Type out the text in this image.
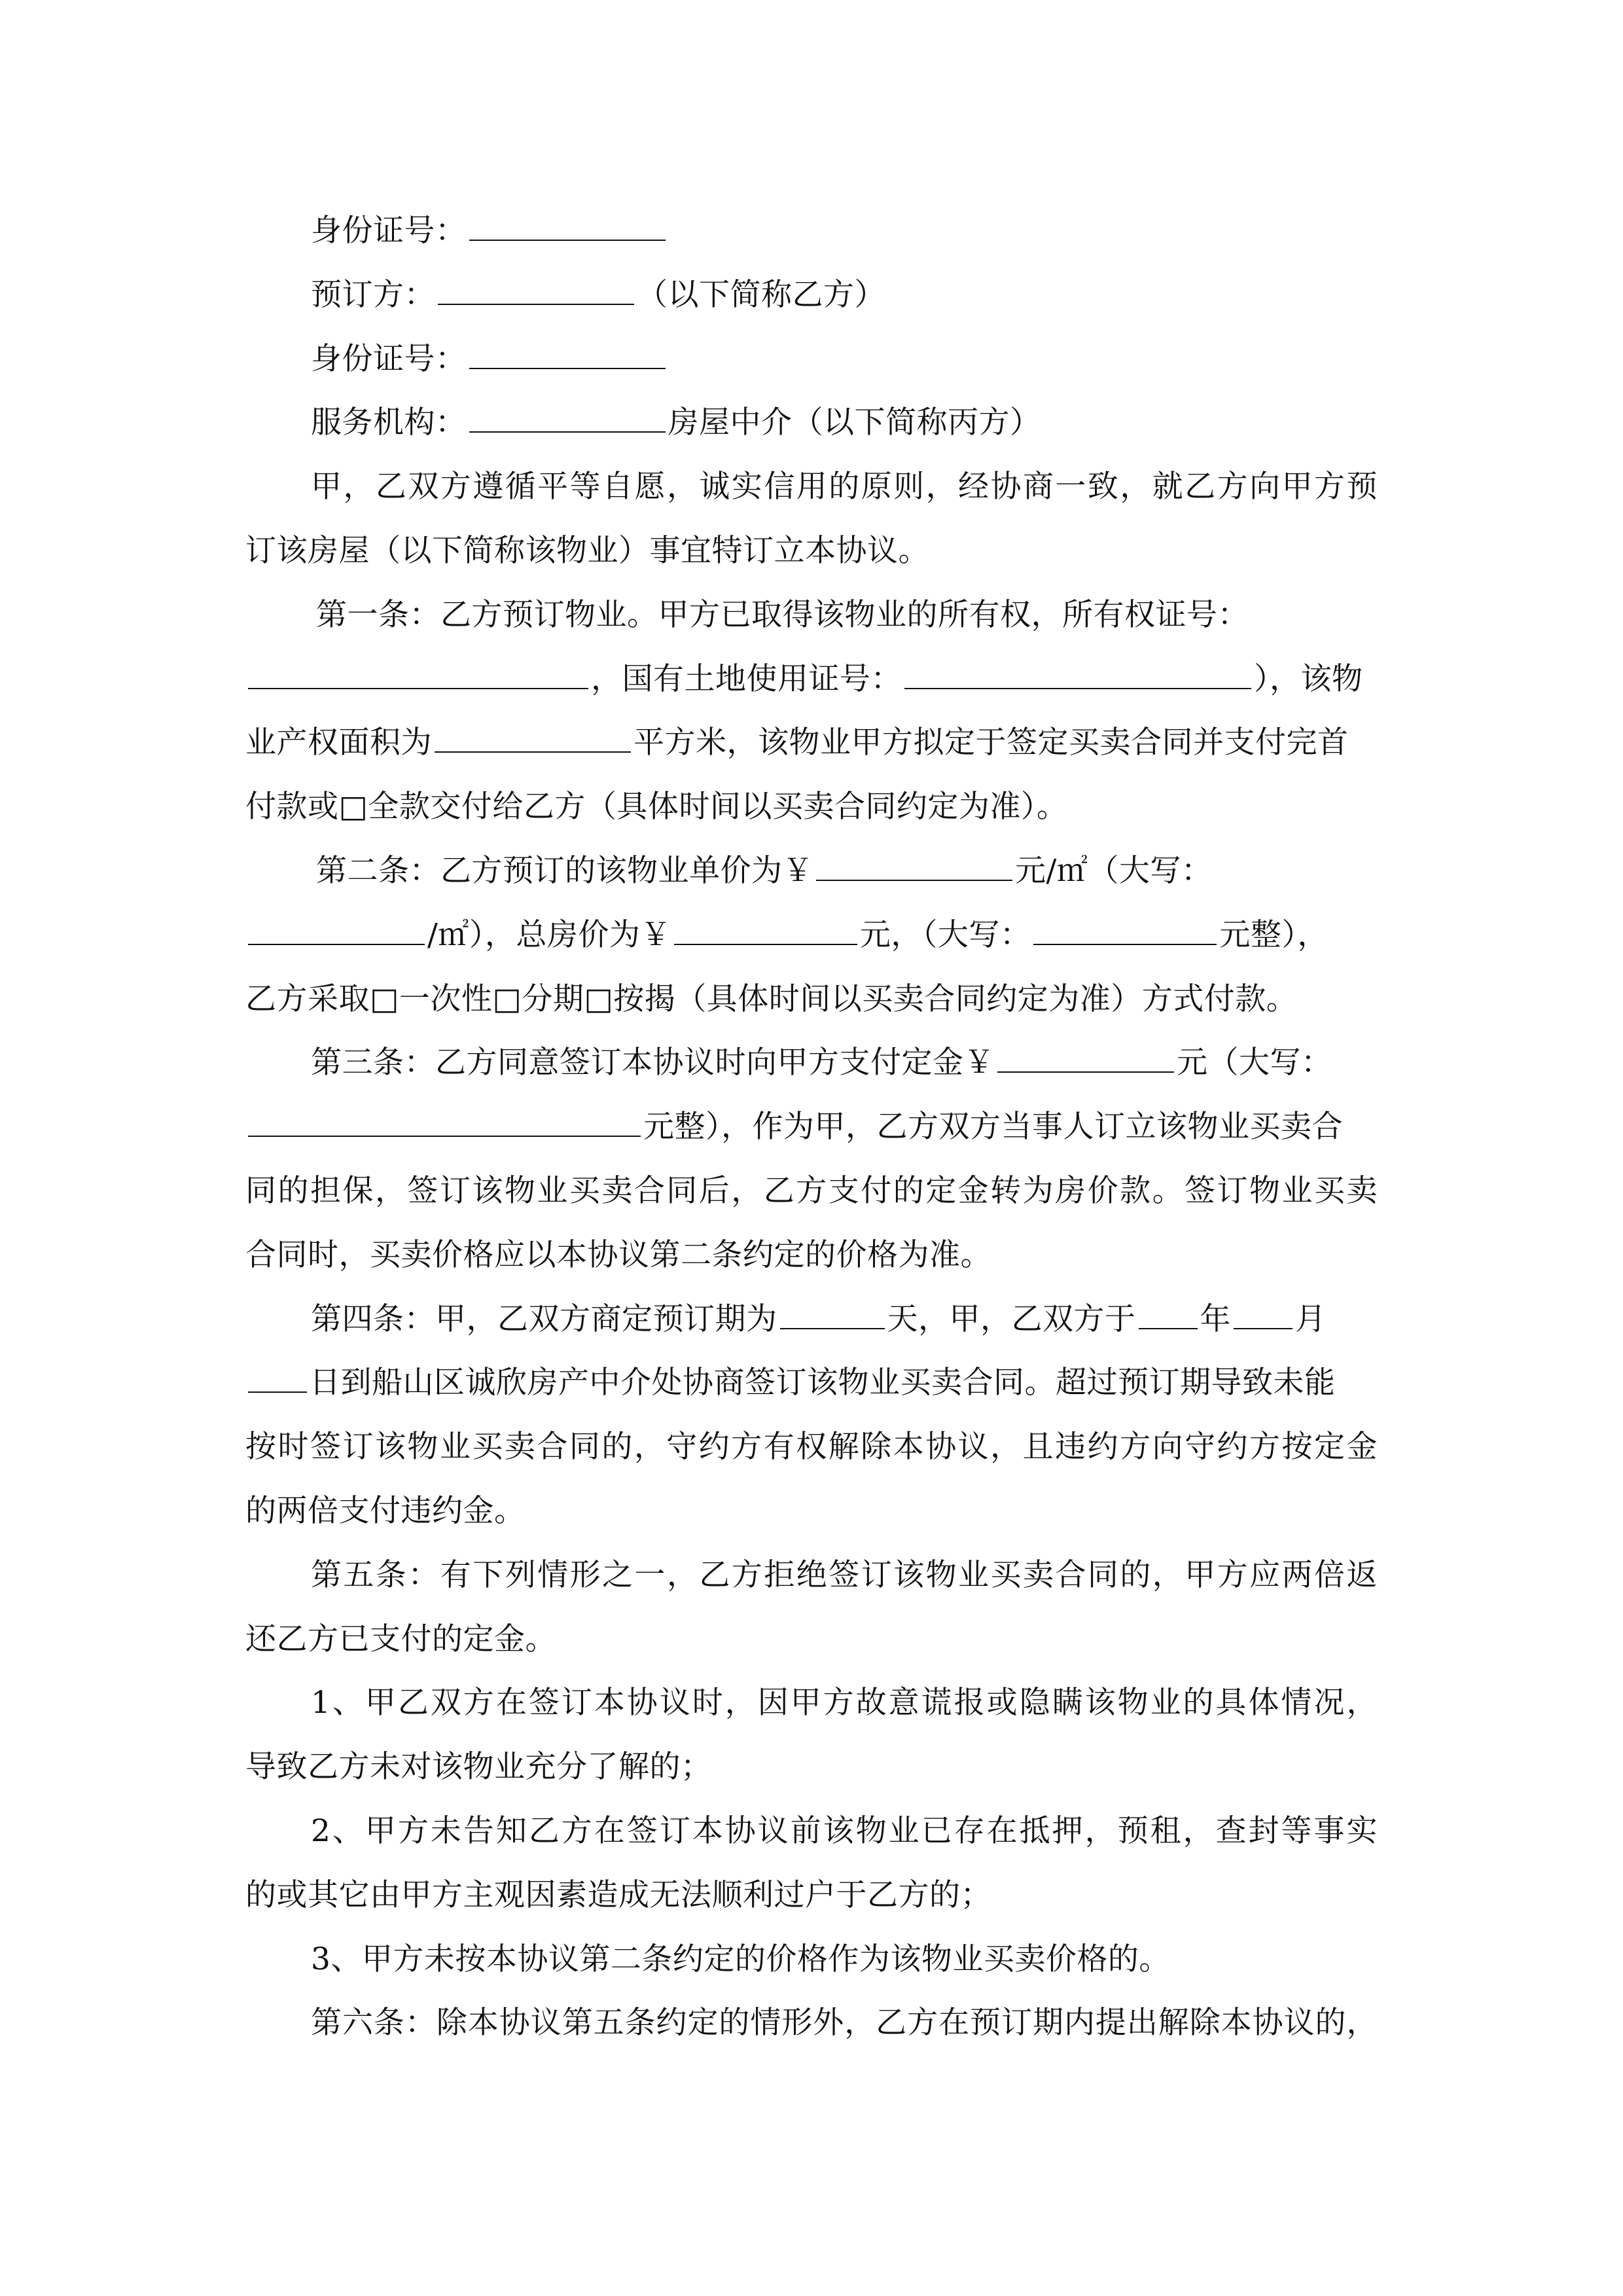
身份证号：
预订方：	（以下简称乙方）
身份证号：
服务机构：	房屋中介（以下简称丙方）
甲，乙双方遵循平等自愿，诚实信用的原则，经协商一致，就乙方向甲方预
订该房屋（以下简称该物业）事宜特订立本协议。
第一条：乙方预订物业。甲方已取得该物业的所有权，所有权证号：
，国有土地使用证号：	），该物
业产权面积为	平方米，该物业甲方拟定于签定买卖合同并支付完首
付款或□全款交付给乙方（具体时间以买卖合同约定为准）。
第二条：乙方预订的该物业单价为￥	元/㎡（大写：
/㎡），总房价为￥	元，（大写：	元整），
乙方采取□一次性□分期□按揭（具体时间以买卖合同约定为准）方式付款。
第三条：乙方同意签订本协议时向甲方支付定金￥	元（大写：
元整），作为甲，乙方双方当事人订立该物业买卖合
同的担保，签订该物业买卖合同后，乙方支付的定金转为房价款。签订物业买卖
合同时，买卖价格应以本协议第二条约定的价格为准。
第四条：甲，乙双方商定预订期为	天，甲，乙双方于 年 月
日到船山区诚欣房产中介处协商签订该物业买卖合同。超过预订期导致未能
按时签订该物业买卖合同的，守约方有权解除本协议，且违约方向守约方按定金
的两倍支付违约金。
第五条：有下列情形之一，乙方拒绝签订该物业买卖合同的，甲方应两倍返
还乙方已支付的定金。
1、甲乙双方在签订本协议时，因甲方故意谎报或隐瞒该物业的具体情况，
导致乙方未对该物业充分了解的；
2、甲方未告知乙方在签订本协议前该物业已存在抵押，预租，查封等事实
的或其它由甲方主观因素造成无法顺利过户于乙方的；
3、甲方未按本协议第二条约定的价格作为该物业买卖价格的。
第六条：除本协议第五条约定的情形外，乙方在预订期内提出解除本协议的，
